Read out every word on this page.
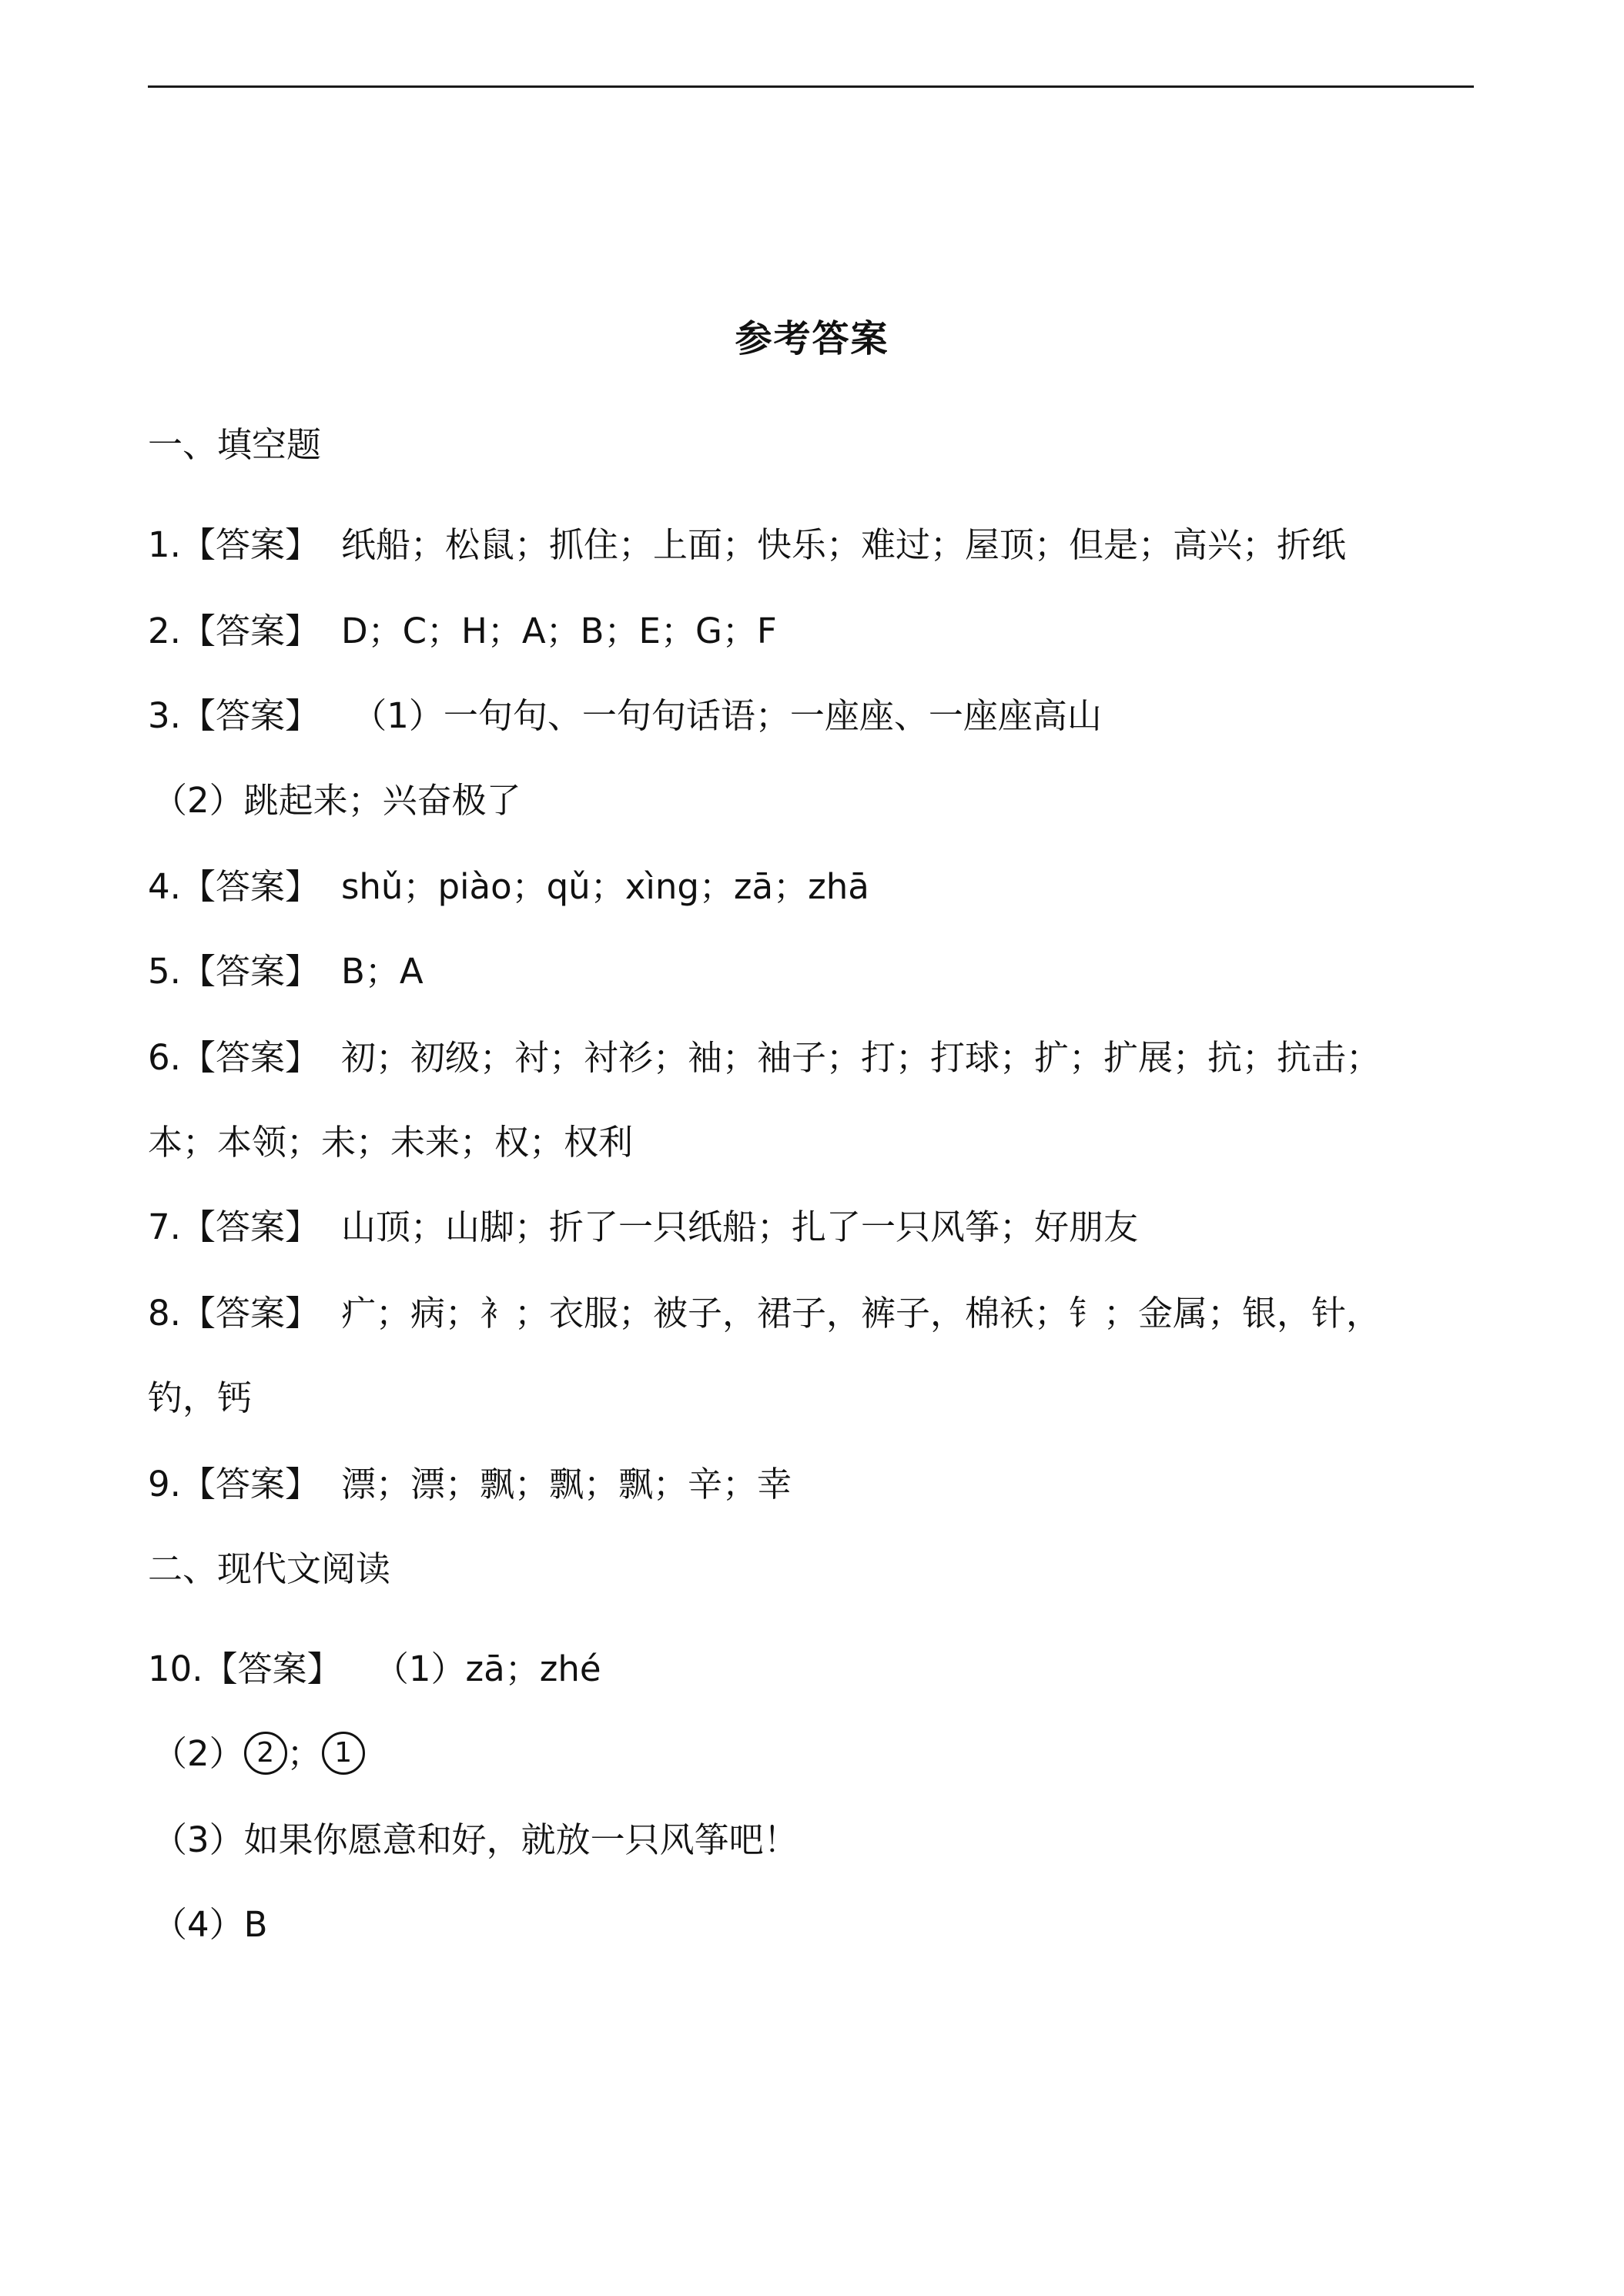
参考答案
一、填空题
1.【答案】 纸船；松鼠；抓住；上面；快乐；难过；屋顶；但是；高兴；折纸
2.【答案】 D；C；H；A；B；E；G；F
3.【答案】 （1）一句句、一句句话语；一座座、一座座高山
（2）跳起来；兴奋极了
4.【答案】 shǔ；piào；qǔ；xìng；zā；zhā
5.【答案】 B；A
6.【答案】 初；初级；衬；衬衫；袖；袖子；打；打球；扩；扩展；抗；抗击；
本；本领；未；未来；权；权利
7.【答案】 山顶；山脚；折了一只纸船；扎了一只风筝；好朋友
8.【答案】 疒；病；衤；衣服；被子，裙子，裤子，棉袄；钅；金属；银，针，
钓，钙
9.【答案】 漂；漂；飘；飘；飘；辛；幸
二、现代文阅读
10.【答案】 （1）zā；zhé
（2） 2 ； 1
（3）如果你愿意和好，就放一只风筝吧！
（4）B
